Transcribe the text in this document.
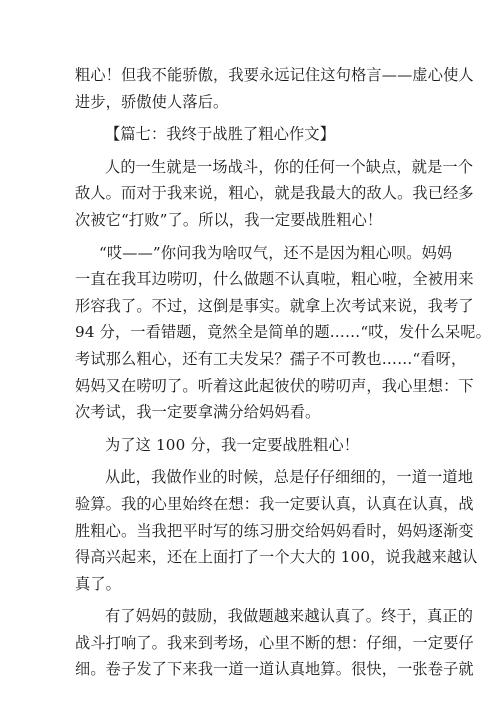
粗心！但我不能骄傲，我要永远记住这句格言——虚心使人
进步，骄傲使人落后。
【篇七：我终于战胜了粗心作文】
人的一生就是一场战斗，你的任何一个缺点，就是一个
敌人。而对于我来说，粗心，就是我最大的敌人。我已经多
次被它“打败”了。所以，我一定要战胜粗心！
“哎——”你问我为啥叹气，还不是因为粗心呗。妈妈
一直在我耳边唠叨，什么做题不认真啦，粗心啦，全被用来
形容我了。不过，这倒是事实。就拿上次考试来说，我考了
94 分，一看错题，竟然全是简单的题……“哎，发什么呆呢。
考试那么粗心，还有工夫发呆？孺子不可教也……“看呀，
妈妈又在唠叨了。听着这此起彼伏的唠叨声，我心里想：下
次考试，我一定要拿满分给妈妈看。
为了这 100 分，我一定要战胜粗心！
从此，我做作业的时候，总是仔仔细细的，一道一道地
验算。我的心里始终在想：我一定要认真，认真在认真，战
胜粗心。当我把平时写的练习册交给妈妈看时，妈妈逐渐变
得高兴起来，还在上面打了一个大大的 100，说我越来越认
真了。
有了妈妈的鼓励，我做题越来越认真了。终于，真正的
战斗打响了。我来到考场，心里不断的想：仔细，一定要仔
细。卷子发了下来我一道一道认真地算。很快，一张卷子就
